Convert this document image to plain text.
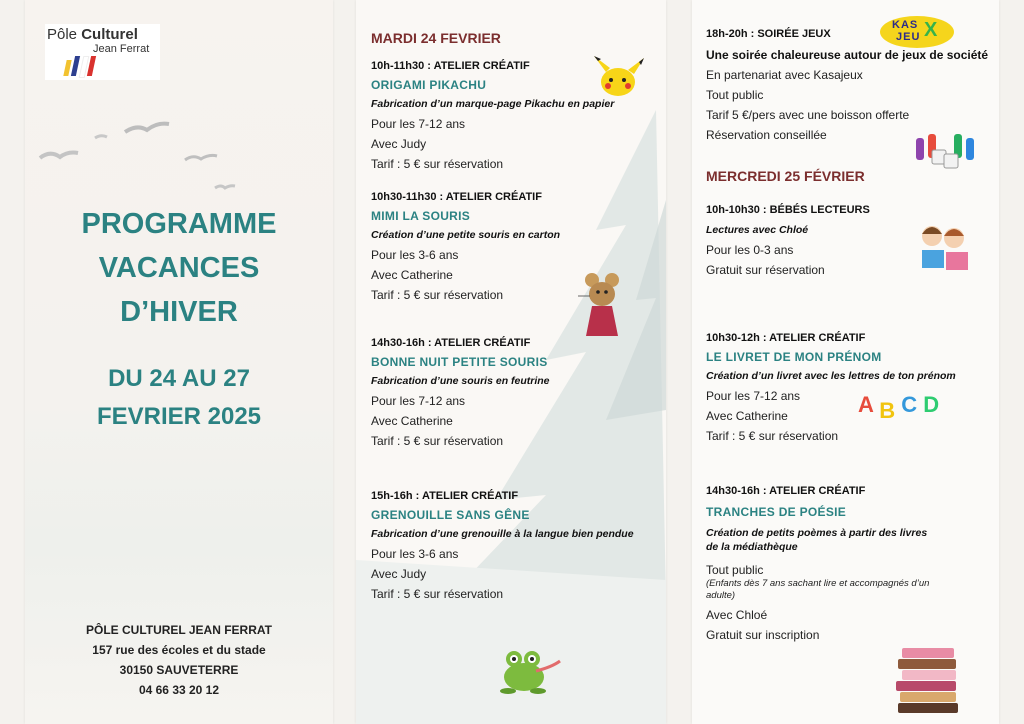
Pôle Culturel
Jean Ferrat
PROGRAMME
VACANCES
D’HIVER
DU 24 AU 27
FEVRIER 2025
PÔLE CULTUREL JEAN FERRAT
157 rue des écoles et du stade
30150 SAUVETERRE
04 66 33 20 12
MARDI 24 FEVRIER
10h-11h30 : ATELIER CRÉATIF
ORIGAMI PIKACHU
Fabrication d’un marque-page Pikachu en papier
Pour les 7-12 ans
Avec Judy
Tarif : 5 € sur réservation
10h30-11h30 : ATELIER CRÉATIF
MIMI LA SOURIS
Création d’une petite souris en carton
Pour les 3-6 ans
Avec Catherine
Tarif : 5 € sur réservation
14h30-16h : ATELIER CRÉATIF
BONNE NUIT PETITE SOURIS
Fabrication d’une souris en feutrine
Pour les 7-12 ans
Avec Catherine
Tarif : 5 € sur réservation
15h-16h : ATELIER CRÉATIF
GRENOUILLE SANS GÊNE
Fabrication d’une grenouille à la langue bien pendue
Pour les 3-6 ans
Avec Judy
Tarif : 5 € sur réservation
KAS
JEU X
18h-20h : SOIRÉE JEUX
Une soirée chaleureuse autour de jeux de société
En partenariat avec Kasajeux
Tout public
Tarif 5 €/pers avec une boisson offerte
Réservation conseillée
MERCREDI 25 FÉVRIER
10h-10h30 : BÉBÉS LECTEURS
Lectures avec Chloé
Pour les 0-3 ans
Gratuit sur réservation
10h30-12h : ATELIER CRÉATIF
LE LIVRET DE MON PRÉNOM
Création d’un livret avec les lettres de ton prénom
Pour les 7-12 ans
Avec Catherine
Tarif : 5 € sur réservation
A B C D
14h30-16h : ATELIER CRÉATIF
TRANCHES DE POÉSIE
Création de petits poèmes à partir des livres
de la médiathèque
Tout public
(Enfants dès 7 ans sachant lire et accompagnés d’un
adulte)
Avec Chloé
Gratuit sur inscription
